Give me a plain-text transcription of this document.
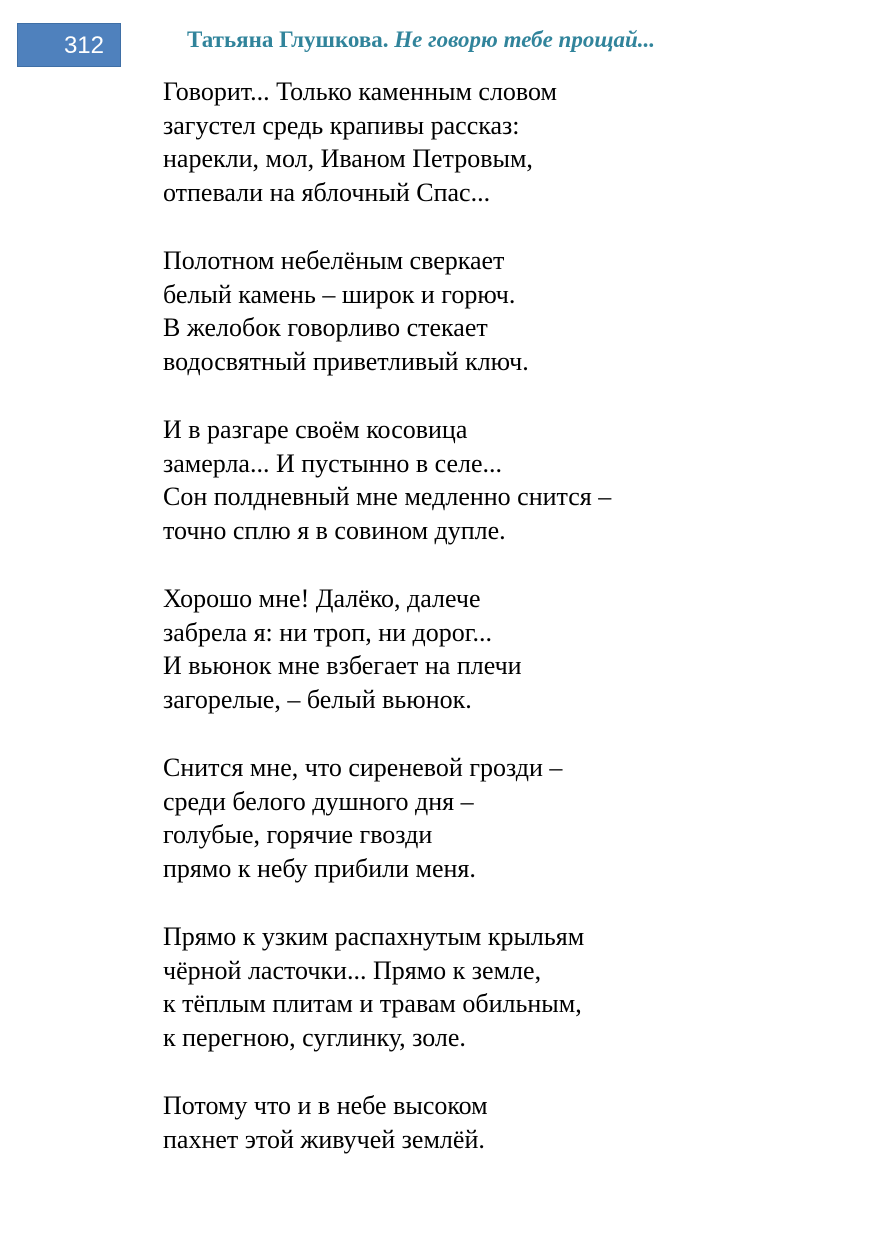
312	Татьяна Глушкова. Не говорю тебе прощай...
Говорит... Только каменным словом
загустел средь крапивы рассказ:
нарекли, мол, Иваном Петровым,
отпевали на яблочный Спас...
Полотном небелёным сверкает
белый камень – широк и горюч.
В желобок говорливо стекает
водосвятный приветливый ключ.
И в разгаре своём косовица
замерла... И пустынно в селе...
Сон полдневный мне медленно снится –
точно сплю я в совином дупле.
Хорошо мне! Далёко, далече
забрела я: ни троп, ни дорог...
И вьюнок мне взбегает на плечи
загорелые, – белый вьюнок.
Снится мне, что сиреневой грозди –
среди белого душного дня –
голубые, горячие гвозди
прямо к небу прибили меня.
Прямо к узким распахнутым крыльям
чёрной ласточки... Прямо к земле,
к тёплым плитам и травам обильным,
к перегною, суглинку, золе.
Потому что и в небе высоком
пахнет этой живучей землёй.
